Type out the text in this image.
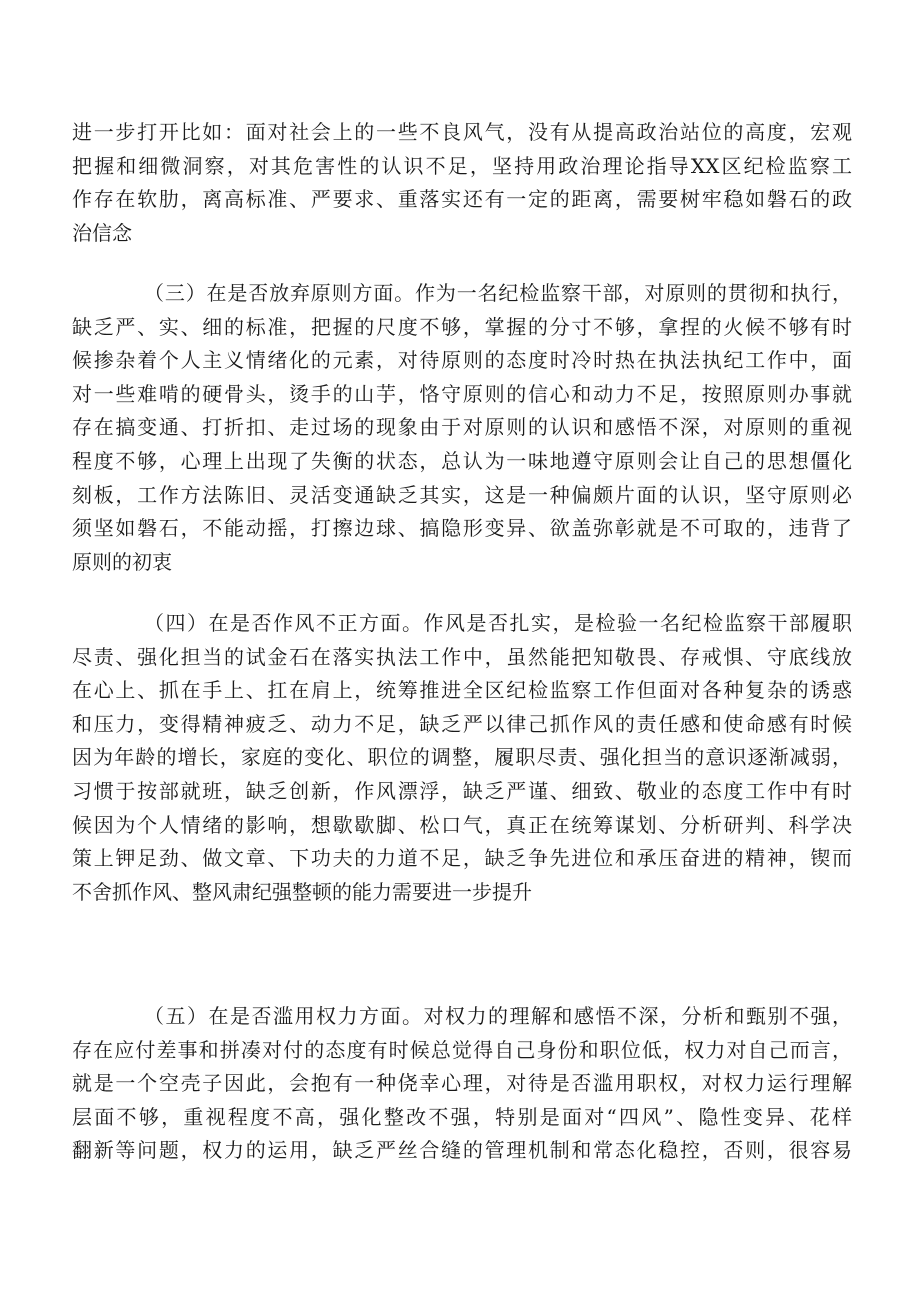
进一步打开比如：面对社会上的一些不良风气，没有从提高政治站位的高度，宏观
把握和细微洞察，对其危害性的认识不足，坚持用政治理论指导XX区纪检监察工
作存在软肋，离高标准、严要求、重落实还有一定的距离，需要树牢稳如磐石的政
治信念
（三）在是否放弃原则方面。作为一名纪检监察干部，对原则的贯彻和执行，
缺乏严、实、细的标准，把握的尺度不够，掌握的分寸不够，拿捏的火候不够有时
候掺杂着个人主义情绪化的元素，对待原则的态度时冷时热在执法执纪工作中，面
对一些难啃的硬骨头，烫手的山芋，恪守原则的信心和动力不足，按照原则办事就
存在搞变通、打折扣、走过场的现象由于对原则的认识和感悟不深，对原则的重视
程度不够，心理上出现了失衡的状态，总认为一味地遵守原则会让自己的思想僵化
刻板，工作方法陈旧、灵活变通缺乏其实，这是一种偏颇片面的认识，坚守原则必
须坚如磐石，不能动摇，打擦边球、搞隐形变异、欲盖弥彰就是不可取的，违背了
原则的初衷
（四）在是否作风不正方面。作风是否扎实，是检验一名纪检监察干部履职
尽责、强化担当的试金石在落实执法工作中，虽然能把知敬畏、存戒惧、守底线放
在心上、抓在手上、扛在肩上，统筹推进全区纪检监察工作但面对各种复杂的诱惑
和压力，变得精神疲乏、动力不足，缺乏严以律己抓作风的责任感和使命感有时候
因为年龄的增长，家庭的变化、职位的调整，履职尽责、强化担当的意识逐渐减弱，
习惯于按部就班，缺乏创新，作风漂浮，缺乏严谨、细致、敬业的态度工作中有时
候因为个人情绪的影响，想歇歇脚、松口气，真正在统筹谋划、分析研判、科学决
策上钾足劲、做文章、下功夫的力道不足，缺乏争先进位和承压奋进的精神，锲而
不舍抓作风、整风肃纪强整顿的能力需要进一步提升
（五）在是否滥用权力方面。对权力的理解和感悟不深，分析和甄别不强，
存在应付差事和拼凑对付的态度有时候总觉得自己身份和职位低，权力对自己而言，
就是一个空壳子因此，会抱有一种侥幸心理，对待是否滥用职权，对权力运行理解
层面不够，重视程度不高，强化整改不强，特别是面对“四风”、隐性变异、花样
翻新等问题，权力的运用，缺乏严丝合缝的管理机制和常态化稳控，否则，很容易
